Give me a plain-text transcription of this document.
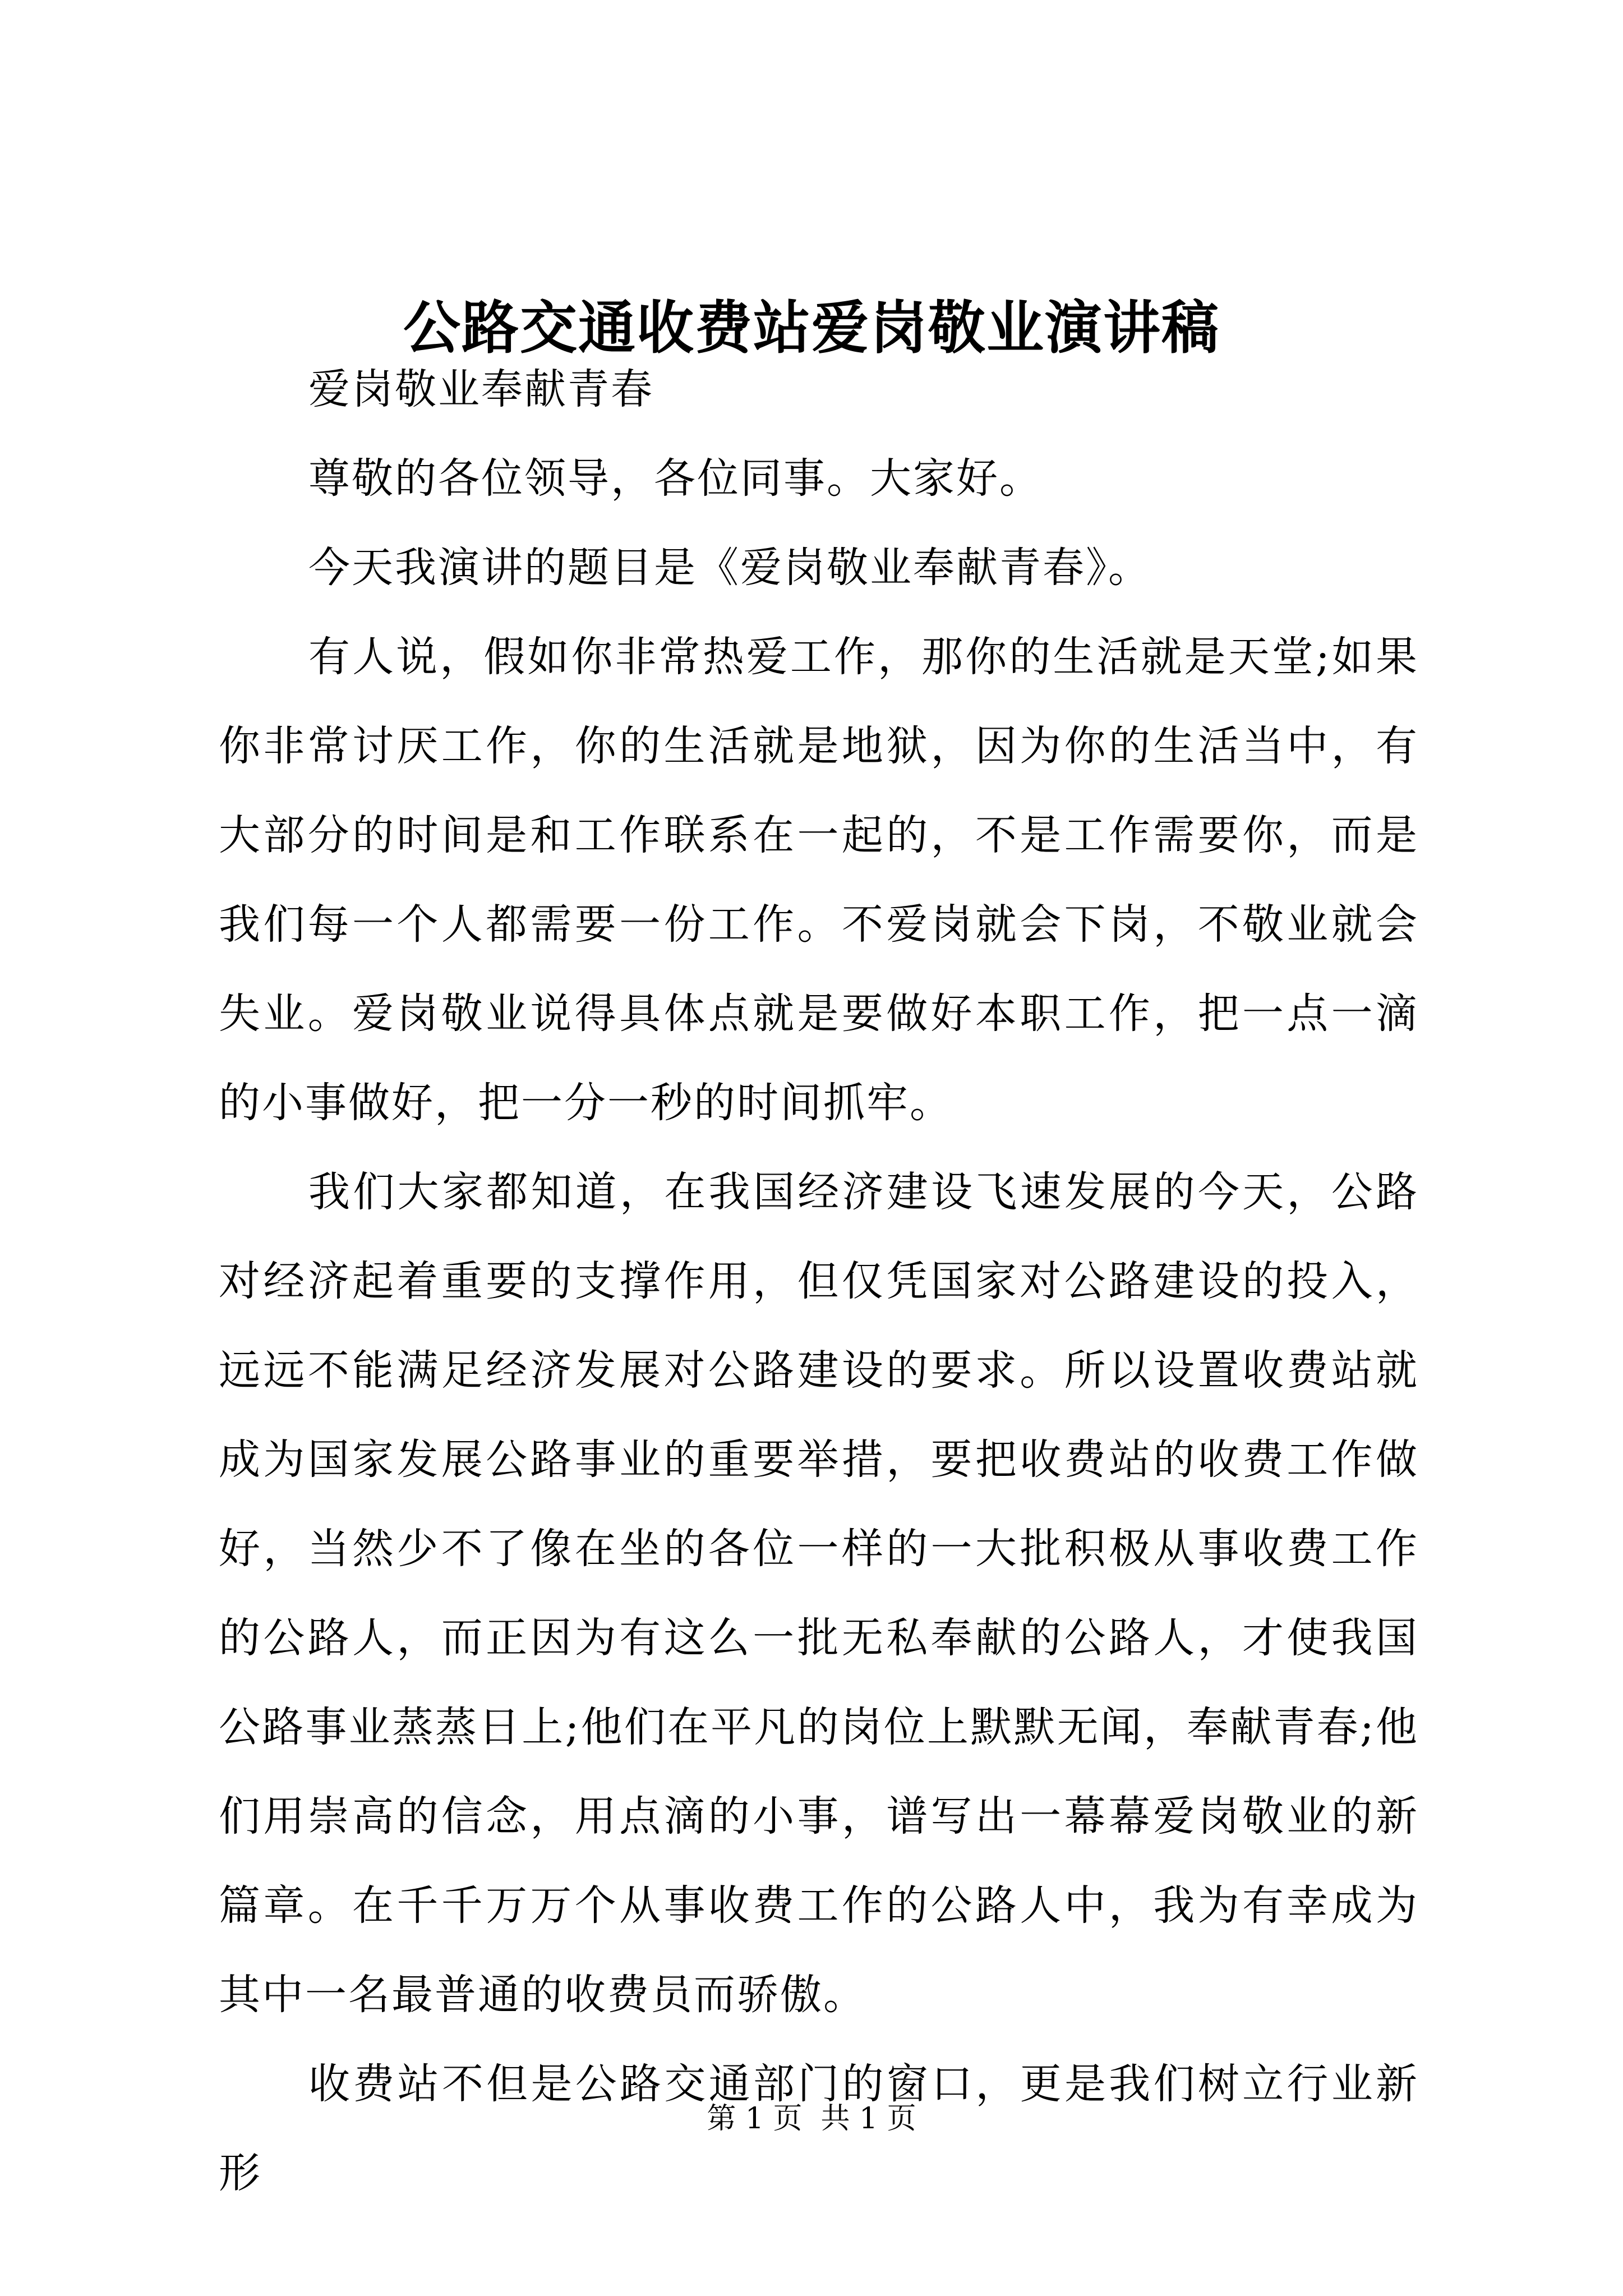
公路交通收费站爱岗敬业演讲稿

爱岗敬业奉献青春

尊敬的各位领导，各位同事。大家好。

今天我演讲的题目是《爱岗敬业奉献青春》。

有人说，假如你非常热爱工作，那你的生活就是天堂;如果你非常讨厌工作，你的生活就是地狱，因为你的生活当中，有大部分的时间是和工作联系在一起的，不是工作需要你，而是我们每一个人都需要一份工作。不爱岗就会下岗，不敬业就会失业。爱岗敬业说得具体点就是要做好本职工作，把一点一滴的小事做好，把一分一秒的时间抓牢。

我们大家都知道，在我国经济建设飞速发展的今天，公路对经济起着重要的支撑作用，但仅凭国家对公路建设的投入，远远不能满足经济发展对公路建设的要求。所以设置收费站就成为国家发展公路事业的重要举措，要把收费站的收费工作做好，当然少不了像在坐的各位一样的一大批积极从事收费工作的公路人，而正因为有这么一批无私奉献的公路人，才使我国公路事业蒸蒸日上;他们在平凡的岗位上默默无闻，奉献青春;他们用崇高的信念，用点滴的小事，谱写出一幕幕爱岗敬业的新篇章。在千千万万个从事收费工作的公路人中，我为有幸成为其中一名最普通的收费员而骄傲。

收费站不但是公路交通部门的窗口，更是我们树立行业新形

第 1 页  共 1 页
